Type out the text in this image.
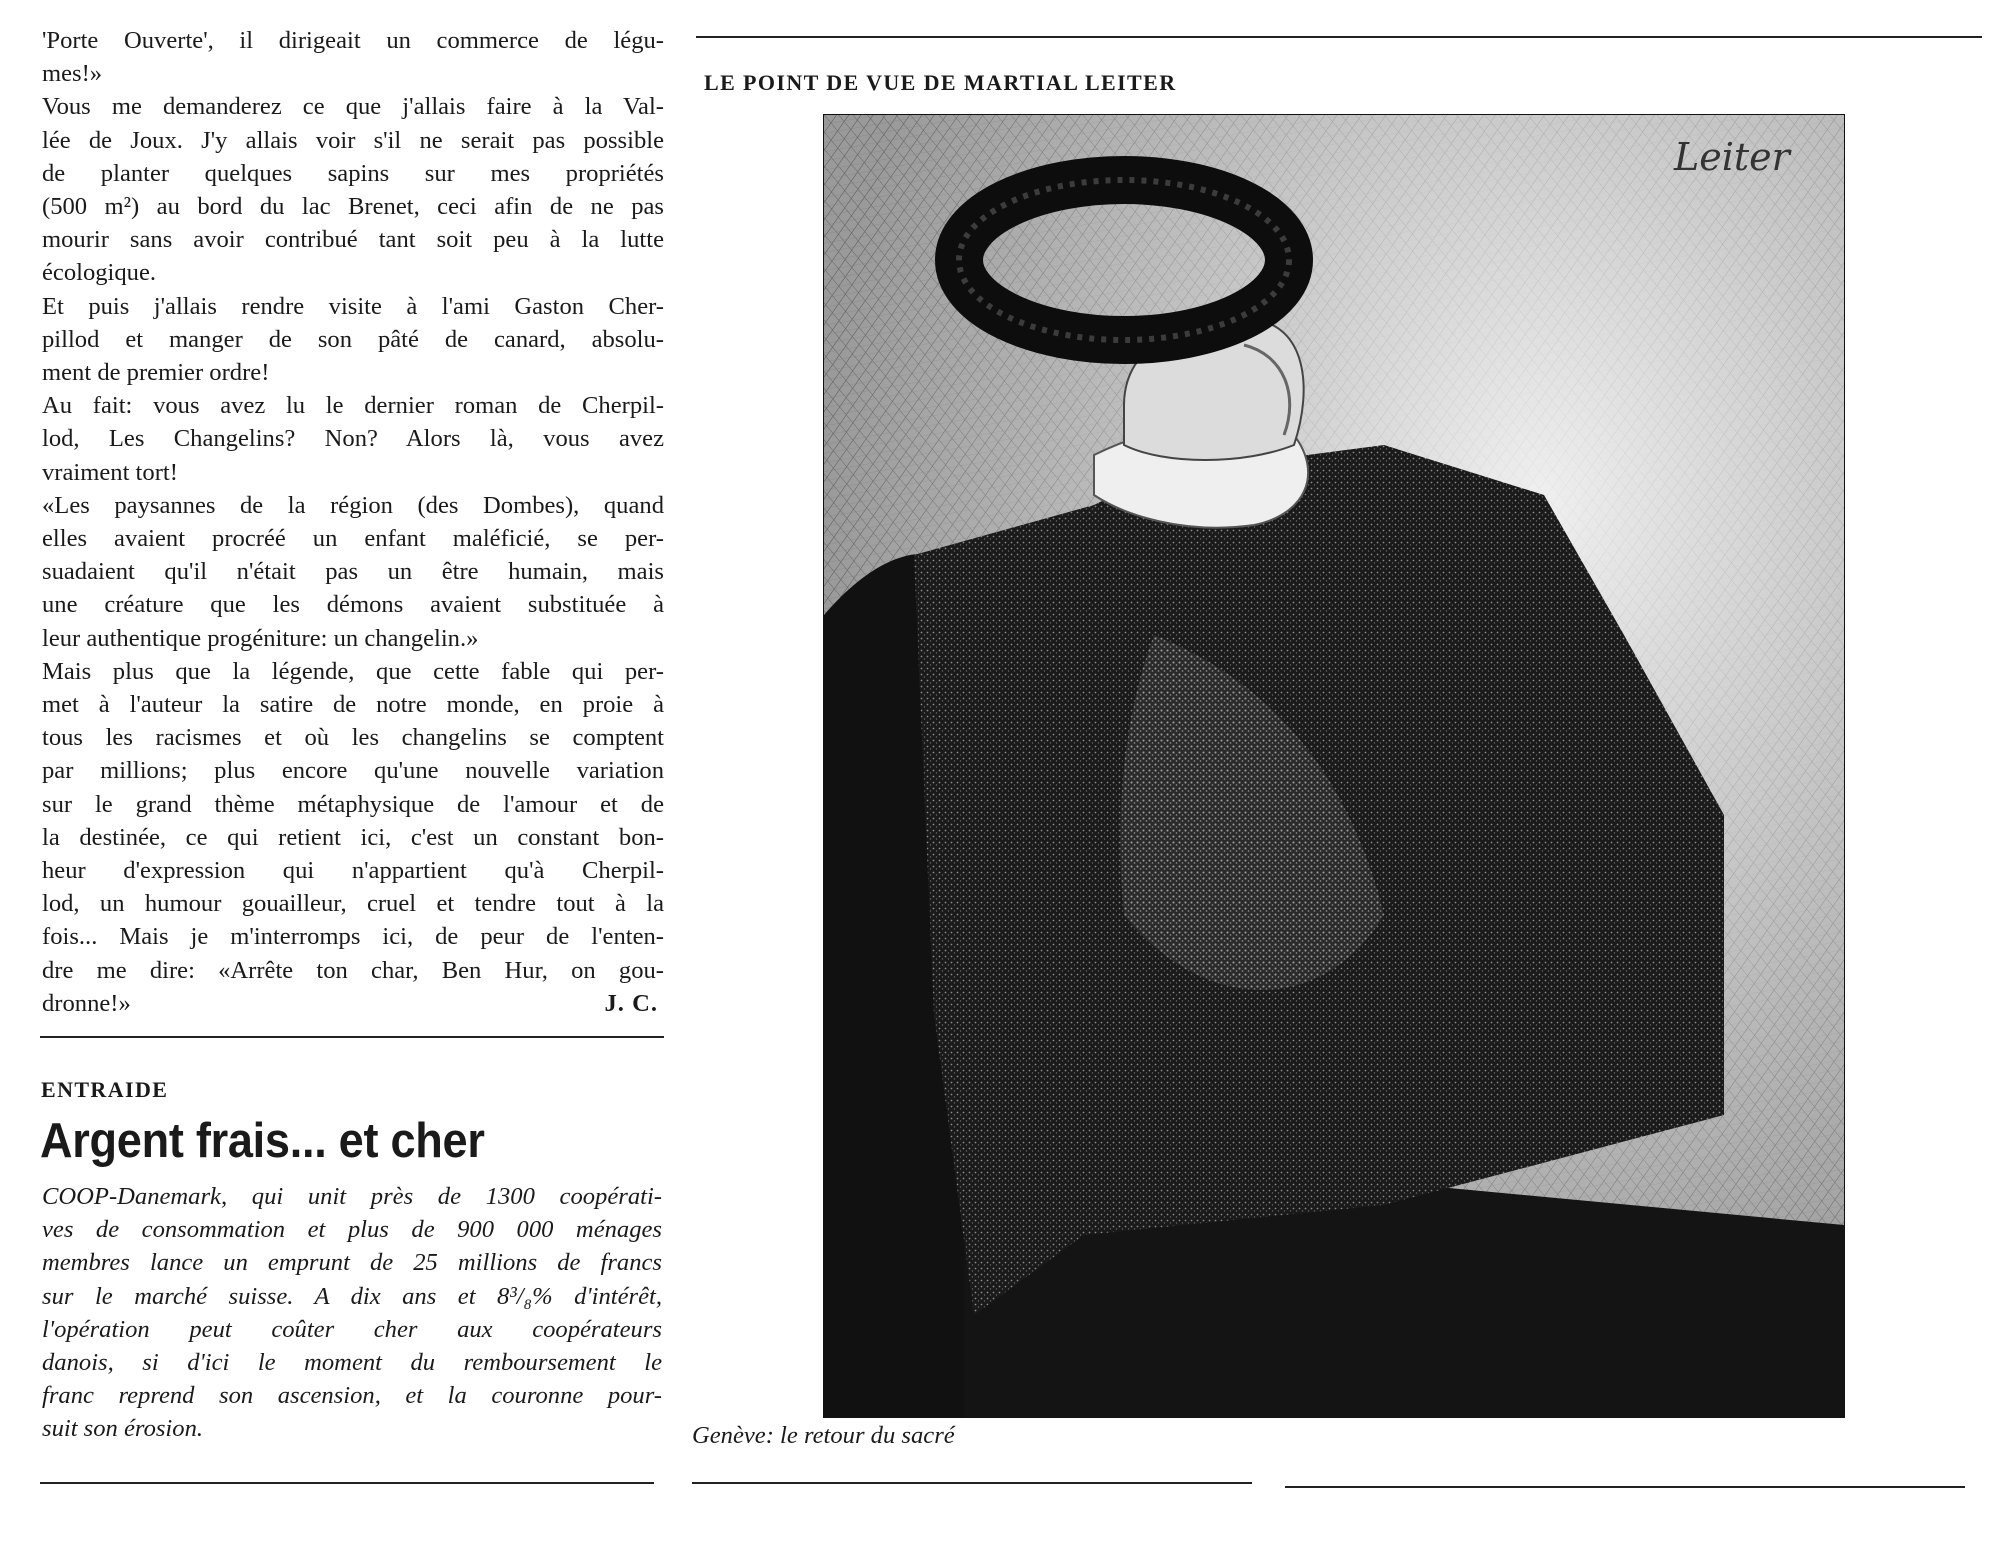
'Porte Ouverte', il dirigeait un commerce de légu-

mes!»

Vous me demanderez ce que j'allais faire à la Val-

lée de Joux. J'y allais voir s'il ne serait pas possible

de planter quelques sapins sur mes propriétés

(500 m²) au bord du lac Brenet, ceci afin de ne pas

mourir sans avoir contribué tant soit peu à la lutte

écologique.

Et puis j'allais rendre visite à l'ami Gaston Cher-

pillod et manger de son pâté de canard, absolu-

ment de premier ordre!

Au fait: vous avez lu le dernier roman de Cherpil-

lod, Les Changelins? Non? Alors là, vous avez

vraiment tort!

«Les paysannes de la région (des Dombes), quand

elles avaient procréé un enfant maléficié, se per-

suadaient qu'il n'était pas un être humain, mais

une créature que les démons avaient substituée à

leur authentique progéniture: un changelin.»

Mais plus que la légende, que cette fable qui per-

met à l'auteur la satire de notre monde, en proie à

tous les racismes et où les changelins se comptent

par millions; plus encore qu'une nouvelle variation

sur le grand thème métaphysique de l'amour et de

la destinée, ce qui retient ici, c'est un constant bon-

heur d'expression qui n'appartient qu'à Cherpil-

lod, un humour gouailleur, cruel et tendre tout à la

fois... Mais je m'interromps ici, de peur de l'enten-

dre me dire: «Arrête ton char, Ben Hur, on gou-

dronne!»	J. C.
ENTRAIDE
Argent frais... et cher

COOP-Danemark, qui unit près de 1300 coopérati-

ves de consommation et plus de 900 000 ménages

membres lance un emprunt de 25 millions de francs

sur le marché suisse. A dix ans et 8³/₈% d'intérêt,

l'opération peut coûter cher aux coopérateurs

danois, si d'ici le moment du remboursement le

franc reprend son ascension, et la couronne pour-

suit son érosion.

LE POINT DE VUE DE MARTIAL LEITER
Leiter
Genève: le retour du sacré
